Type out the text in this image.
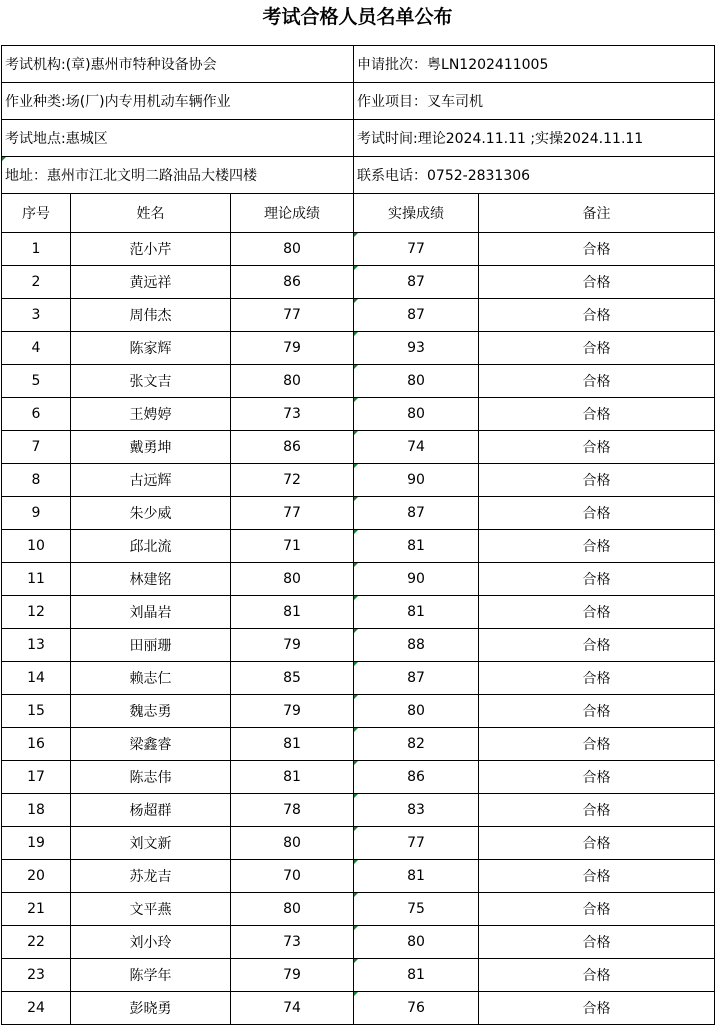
考试合格人员名单公布
考试机构:(章)惠州市特种设备协会			申请批次：粤LN1202411005	
作业种类:场(厂)内专用机动车辆作业			作业项目：叉车司机	
考试地点:惠城区			考试时间:理论2024.11.11 ;实操2024.11.11	
地址：惠州市江北文明二路油品大楼四楼			联系电话：0752-2831306	
序号	姓名	理论成绩	实操成绩	备注
1	范小芹	80	77	合格
2	黄远祥	86	87	合格
3	周伟杰	77	87	合格
4	陈家辉	79	93	合格
5	张文吉	80	80	合格
6	王娉婷	73	80	合格
7	戴勇坤	86	74	合格
8	古远辉	72	90	合格
9	朱少威	77	87	合格
10	邱北流	71	81	合格
11	林建铭	80	90	合格
12	刘晶岩	81	81	合格
13	田丽珊	79	88	合格
14	赖志仁	85	87	合格
15	魏志勇	79	80	合格
16	梁鑫睿	81	82	合格
17	陈志伟	81	86	合格
18	杨超群	78	83	合格
19	刘文新	80	77	合格
20	苏龙吉	70	81	合格
21	文平燕	80	75	合格
22	刘小玲	73	80	合格
23	陈学年	79	81	合格
24	彭晓勇	74	76	合格
